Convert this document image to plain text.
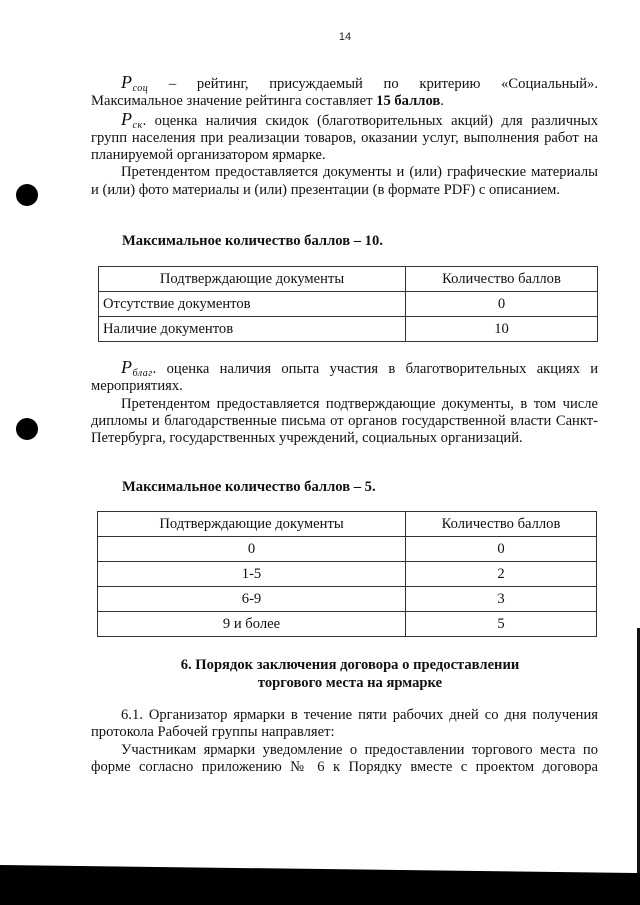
14

$P_{соц}$ – рейтинг, присуждаемый по критерию «Социальный».

Максимальное значение рейтинга составляет 15 баллов.

$P_{ск}$. оценка наличия скидок (благотворительных акций) для различных групп населения при реализации товаров, оказании услуг, выполнения работ на планируемой организатором ярмарке.

Претендентом предоставляется документы и (или) графические материалы и (или) фото материалы и (или) презентации (в формате PDF) с описанием.

Максимальное количество баллов – 10.
Подтверждающие документы	Количество баллов
Отсутствие документов	0
Наличие документов	10

$P_{благ}$. оценка наличия опыта участия в благотворительных акциях и мероприятиях.

Претендентом предоставляется подтверждающие документы, в том числе дипломы и благодарственные письма от органов государственной власти Санкт-Петербурга, государственных учреждений, социальных организаций.

Максимальное количество баллов – 5.
Подтверждающие документы	Количество баллов
0	0
1-5	2
6-9	3
9 и более	5
6. Порядок заключения договора о предоставлении
торгового места на ярмарке

6.1. Организатор ярмарки в течение пяти рабочих дней со дня получения протокола Рабочей группы направляет:

Участникам ярмарки уведомление о предоставлении торгового места по форме согласно приложению № 6 к Порядку вместе с проектом договора
